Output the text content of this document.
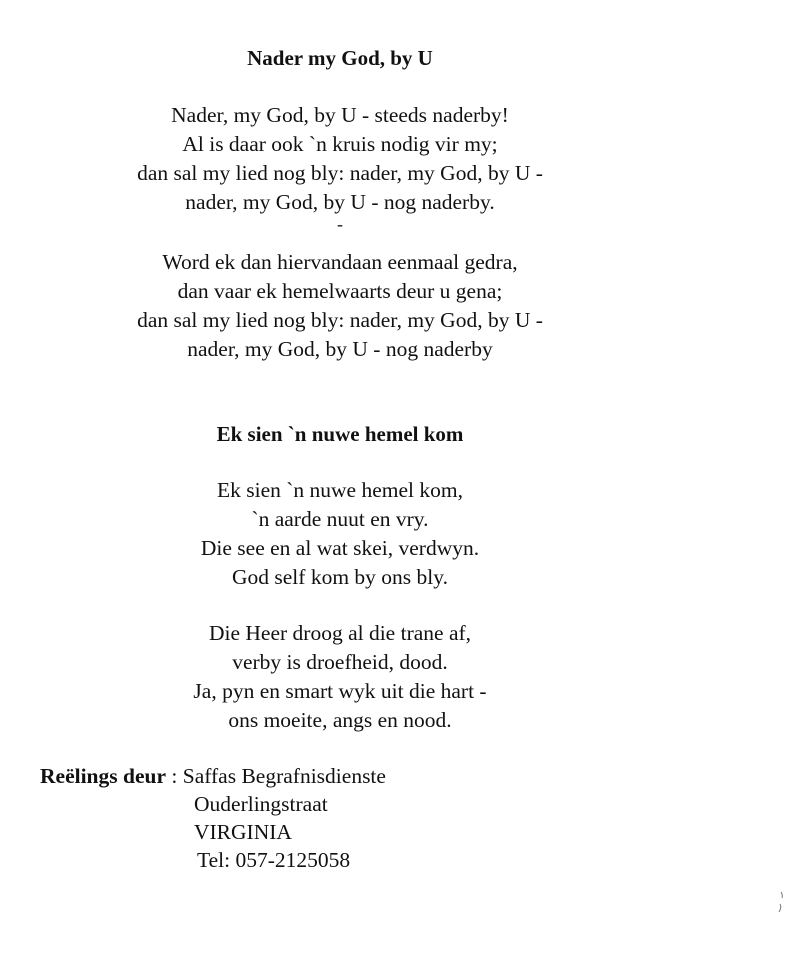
Nader my God, by U
Nader, my God, by U - steeds naderby!
Al is daar ook `n kruis nodig vir my;
dan sal my lied nog bly: nader, my God, by U -
nader, my God, by U - nog naderby.
-
Word ek dan hiervandaan eenmaal gedra,
dan vaar ek hemelwaarts deur u gena;
dan sal my lied nog bly: nader, my God, by U -
nader, my God, by U - nog naderby
Ek sien `n nuwe hemel kom
Ek sien `n nuwe hemel kom,
`n aarde nuut en vry.
Die see en al wat skei, verdwyn.
God self kom by ons bly.
Die Heer droog al die trane af,
verby is droefheid, dood.
Ja, pyn en smart wyk uit die hart -
ons moeite, angs en nood.
Reëlings deur : Saffas Begrafnisdienste
Ouderlingstraat
VIRGINIA
Tel: 057-2125058
